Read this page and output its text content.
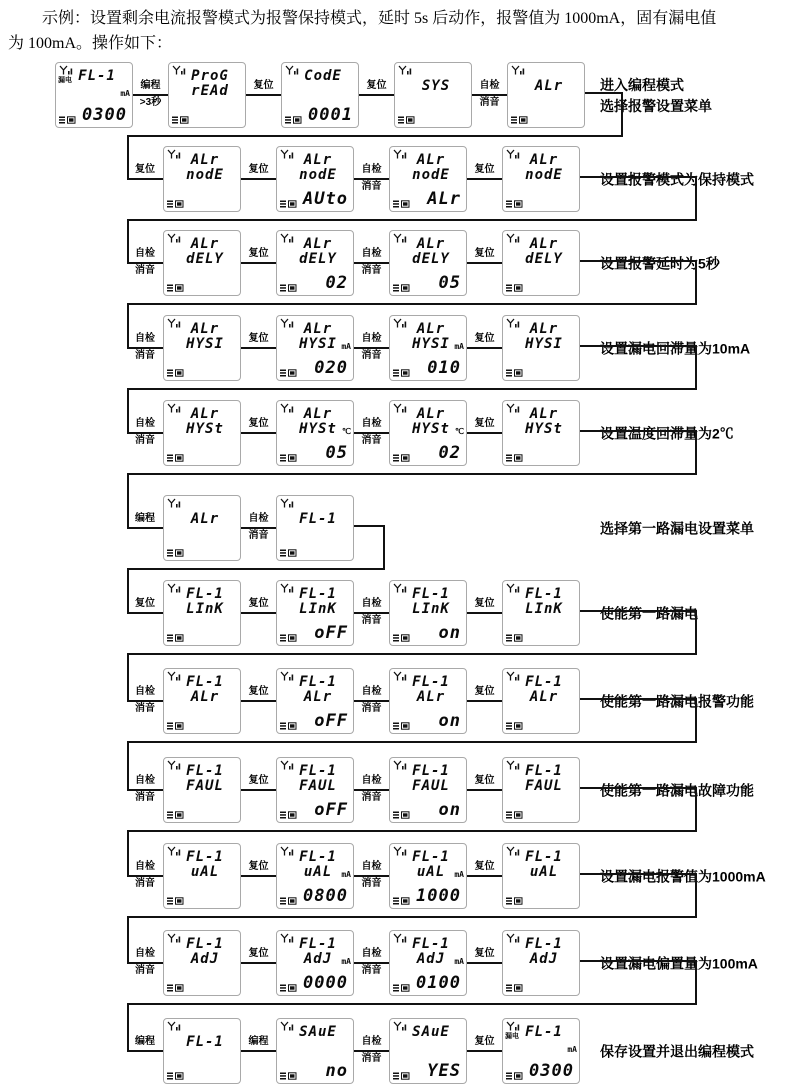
示例：设置剩余电流报警模式为报警保持模式，延时 5s 后动作，报警值为 1000mA，固有漏电值
为 100mA。操作如下：
漏电 FL-1
0300
mA
编程
>3秒
ProG
rEAd	复位
CodE
0001
复位	SYS	自检
消音
ALr	进入编程模式
选择报警设置菜单
复位
ALr
nodE	复位
ALr
nodE
AUto
自检
消音
ALr
nodE
ALr
复位
ALr
nodE	设置报警模式为保持模式
自检
消音
ALr
dELY	复位
ALr
dELY
02
自检
消音
ALr
dELY
05
复位
ALr
dELY	设置报警延时为5秒
自检
消音
ALr
HYSI	复位
ALr
HYSI
020
mA
自检
消音
ALr
HYSI
010
mA
复位
ALr
HYSI	设置漏电回滞量为10mA
自检
消音
ALr
HYSt	复位
ALr
HYSt
05
℃
自检
消音
ALr
HYSt
02
℃
复位
ALr
HYSt	设置温度回滞量为2℃
编程	ALr	自检
消音
FL-1
选择第一路漏电设置菜单
复位
FL-1
LInK	复位
FL-1
LInK
oFF
自检
消音
FL-1
LInK
on
复位
FL-1
LInK	使能第一路漏电
自检
消音
FL-1
ALr	复位
FL-1
ALr
oFF
自检
消音
FL-1
ALr
on
复位
FL-1
ALr	使能第一路漏电报警功能
自检
消音
FL-1
FAUL	复位
FL-1
FAUL
oFF
自检
消音
FL-1
FAUL
on
复位
FL-1
FAUL	使能第一路漏电故障功能
自检
消音
FL-1
uAL	复位
FL-1
uAL
0800
mA
自检
消音
FL-1
uAL
1000
mA
复位
FL-1
uAL	设置漏电报警值为1000mA
自检
消音
FL-1
AdJ	复位
FL-1
AdJ
0000
mA
自检
消音
FL-1
AdJ
0100
mA
复位
FL-1
AdJ	设置漏电偏置量为100mA
编程	FL-1	编程
SAuE
no
自检
消音
SAuE
YES
复位	漏电 FL-1
0300
mA 保存设置并退出编程模式
